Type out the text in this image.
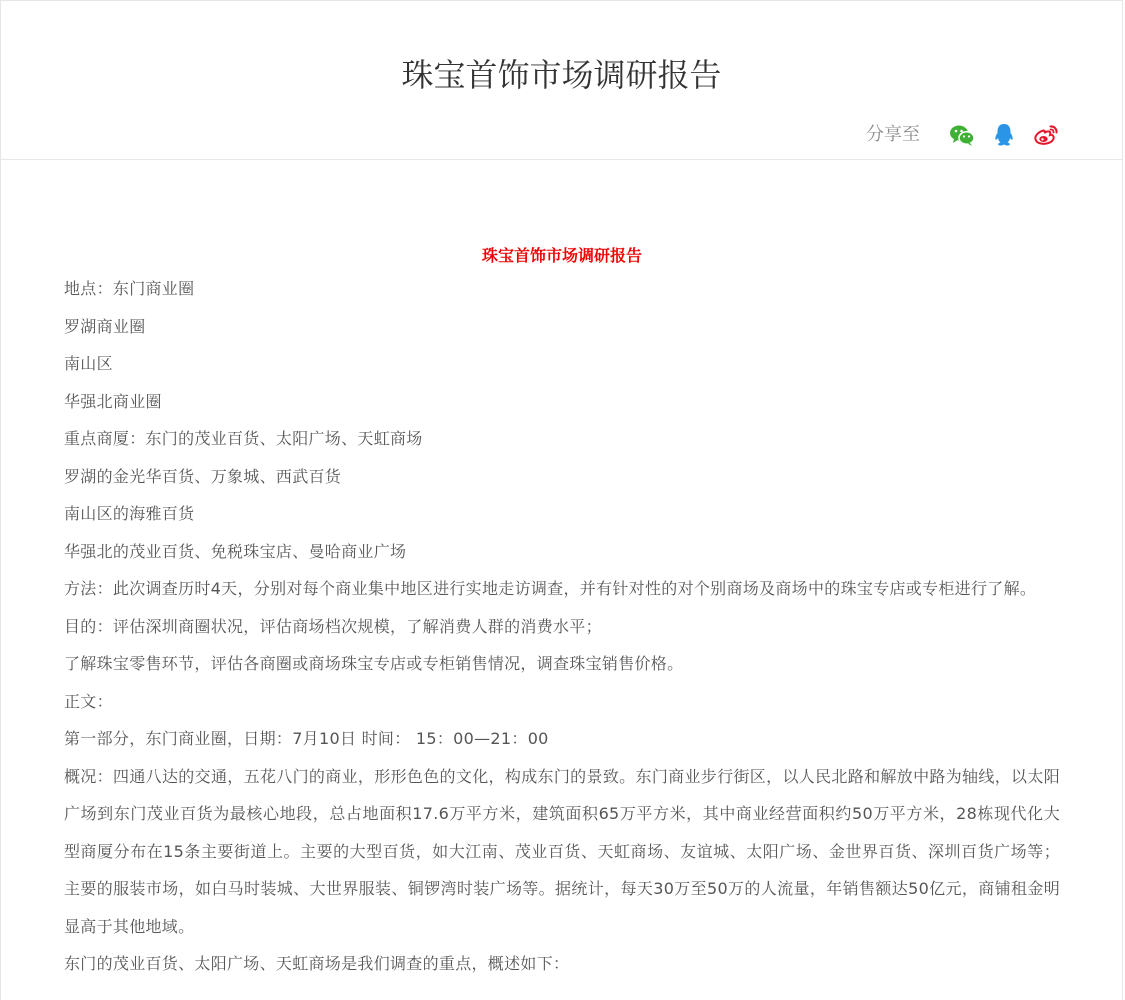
珠宝首饰市场调研报告
分享至

珠宝首饰市场调研报告

地点：东门商业圈

罗湖商业圈

南山区

华强北商业圈

重点商厦：东门的茂业百货、太阳广场、天虹商场

罗湖的金光华百货、万象城、西武百货

南山区的海雅百货

华强北的茂业百货、免税珠宝店、曼哈商业广场

方法：此次调查历时4天，分别对每个商业集中地区进行实地走访调查，并有针对性的对个别商场及商场中的珠宝专店或专柜进行了解。

目的：评估深圳商圈状况，评估商场档次规模，了解消费人群的消费水平；

了解珠宝零售环节，评估各商圈或商场珠宝专店或专柜销售情况，调查珠宝销售价格。

正文：

第一部分，东门商业圈，日期：7月10日 时间： 15：00—21：00

概况：四通八达的交通，五花八门的商业，形形色色的文化，构成东门的景致。东门商业步行街区，以人民北路和解放中路为轴线，以太阳广场到东门茂业百货为最核心地段，总占地面积17.6万平方米，建筑面积65万平方米，其中商业经营面积约50万平方米，28栋现代化大型商厦分布在15条主要街道上。主要的大型百货，如大江南、茂业百货、天虹商场、友谊城、太阳广场、金世界百货、深圳百货广场等；主要的服装市场，如白马时装城、大世界服装、铜锣湾时装广场等。据统计，每天30万至50万的人流量，年销售额达50亿元，商铺租金明显高于其他地域。

东门的茂业百货、太阳广场、天虹商场是我们调查的重点，概述如下：
